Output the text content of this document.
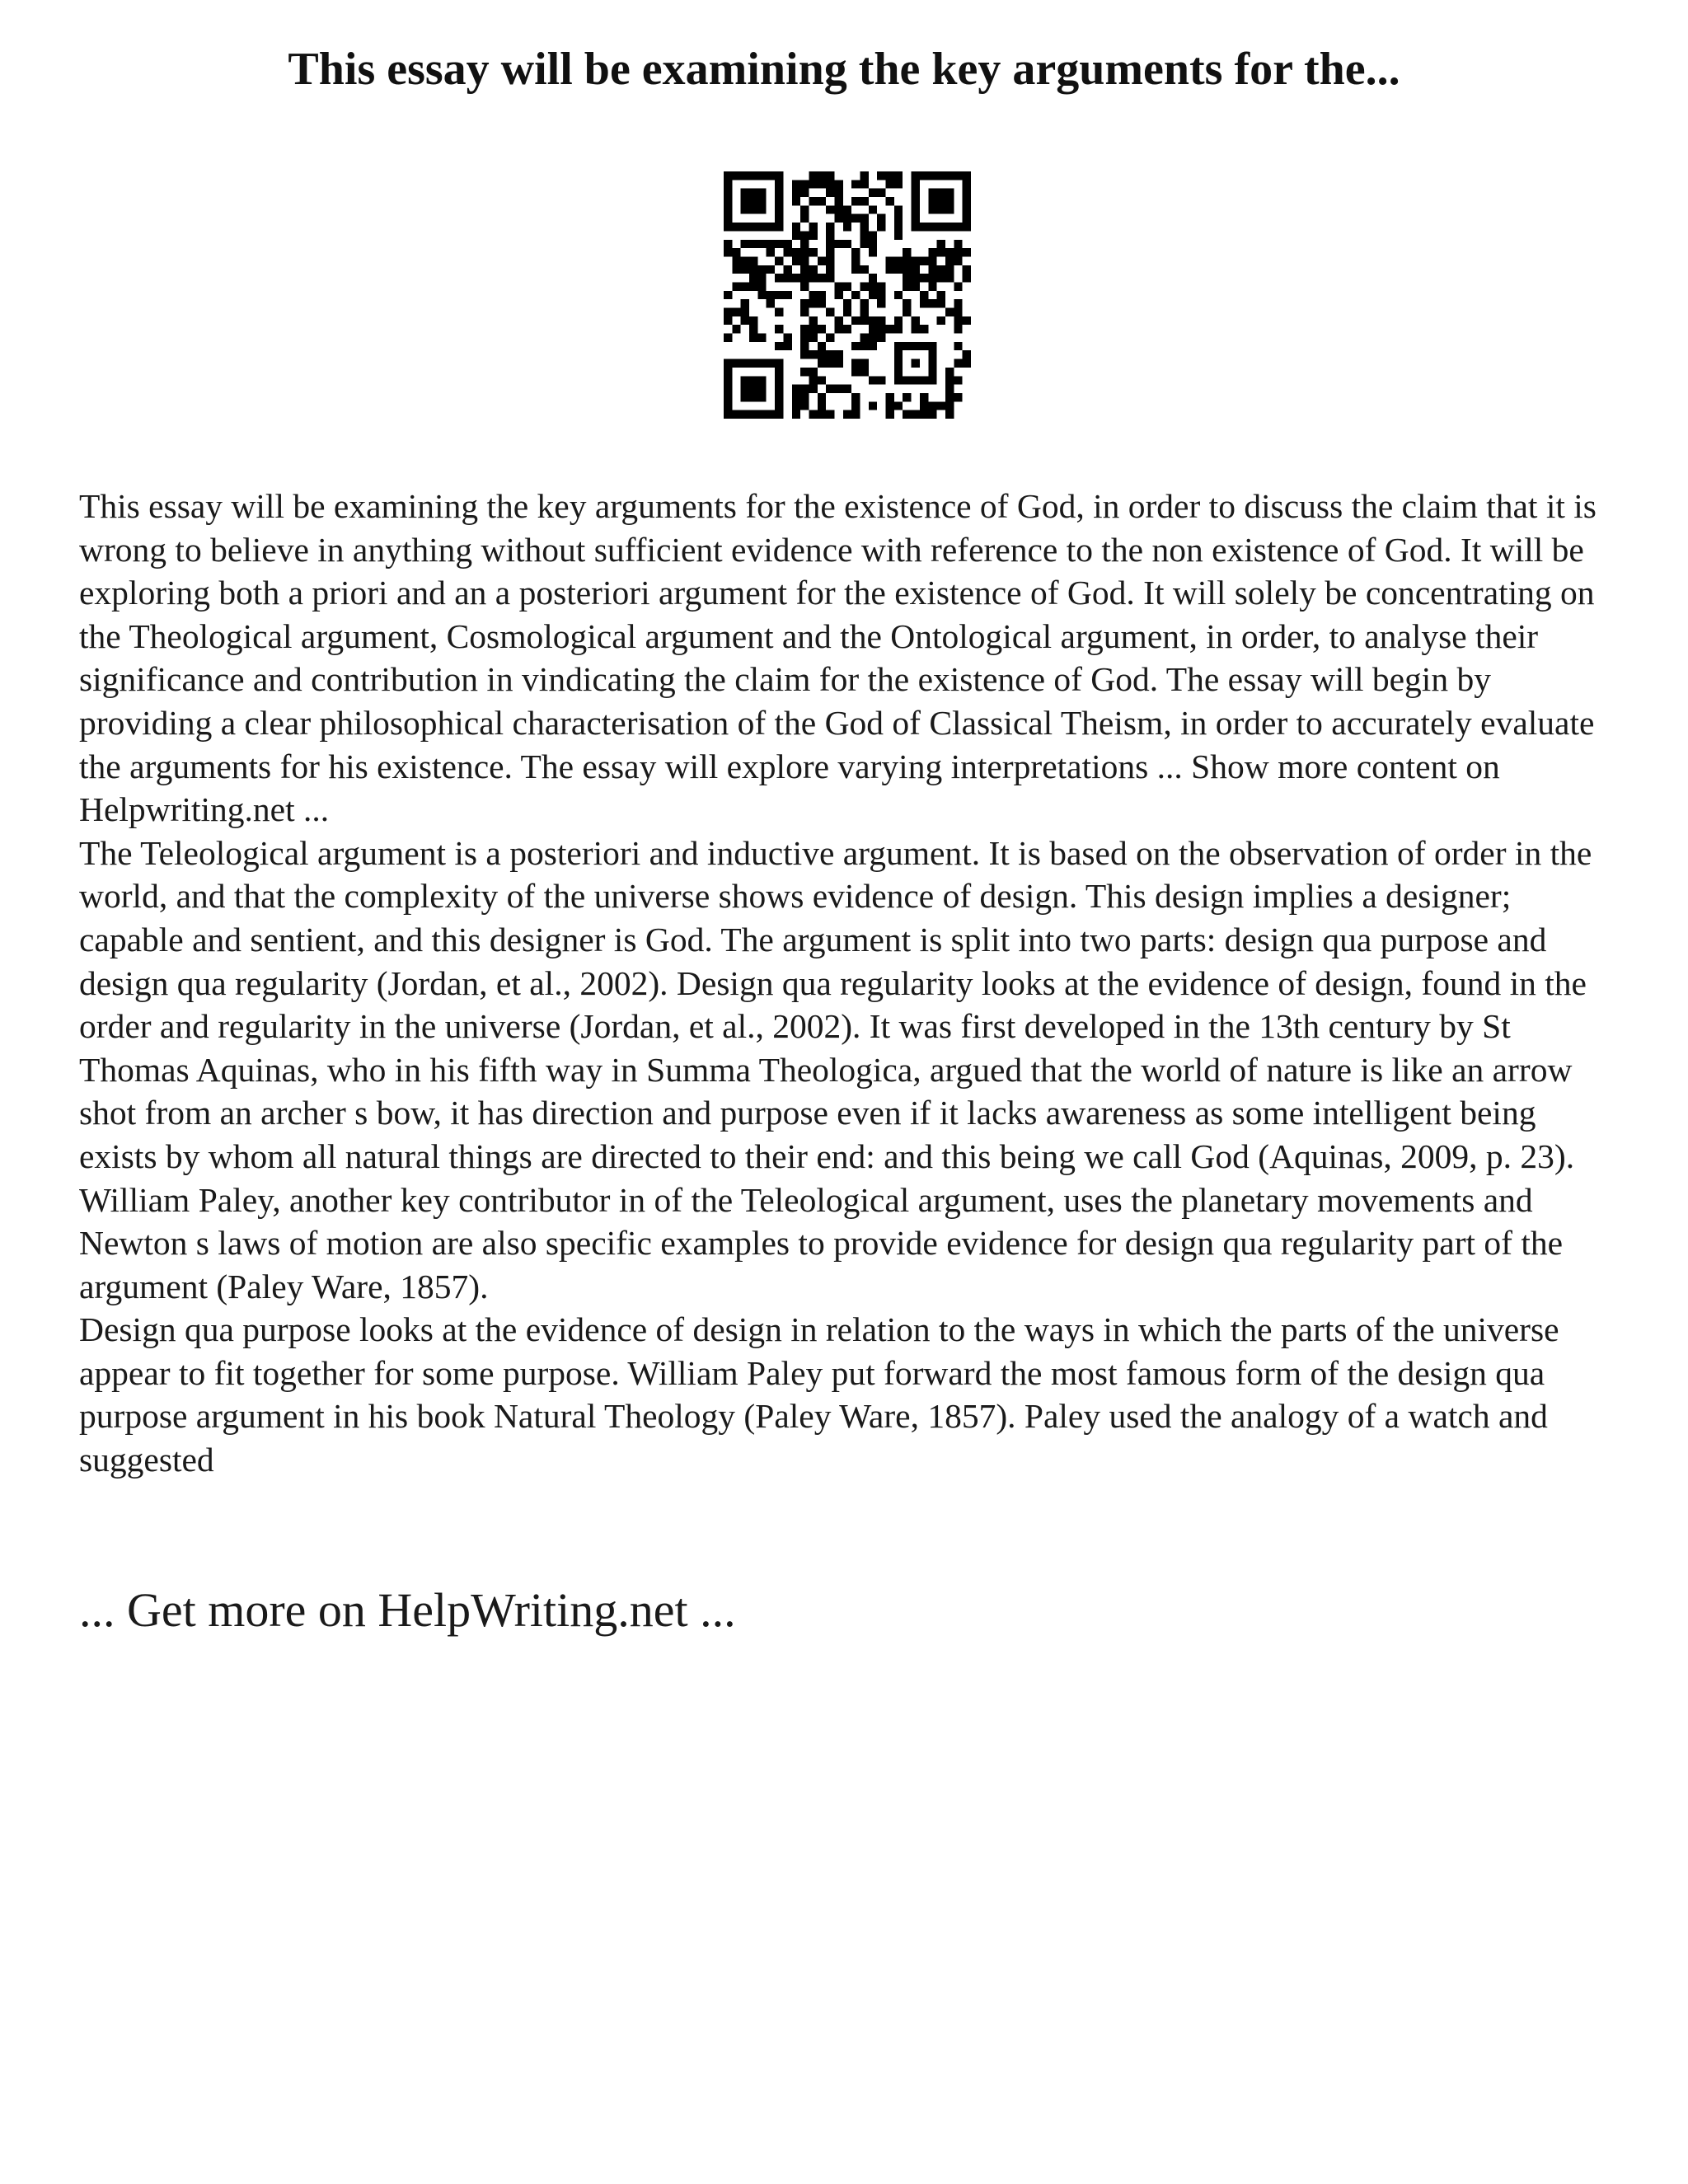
This essay will be examining the key arguments for the...

This essay will be examining the key arguments for the existence of God, in order to discuss the claim that it is wrong to believe in anything without sufficient evidence with reference to the non existence of God. It will be exploring both a priori and an a posteriori argument for the existence of God. It will solely be concentrating on the Theological argument, Cosmological argument and the Ontological argument, in order, to analyse their significance and contribution in vindicating the claim for the existence of God. The essay will begin by providing a clear philosophical characterisation of the God of Classical Theism, in order to accurately evaluate the arguments for his existence. The essay will explore varying interpretations ... Show more content on Helpwriting.net ...

The Teleological argument is a posteriori and inductive argument. It is based on the observation of order in the world, and that the complexity of the universe shows evidence of design. This design implies a designer; capable and sentient, and this designer is God. The argument is split into two parts: design qua purpose and design qua regularity (Jordan, et al., 2002). Design qua regularity looks at the evidence of design, found in the order and regularity in the universe (Jordan, et al., 2002). It was first developed in the 13th century by St Thomas Aquinas, who in his fifth way in Summa Theologica, argued that the world of nature is like an arrow shot from an archer s bow, it has direction and purpose even if it lacks awareness as some intelligent being exists by whom all natural things are directed to their end: and this being we call God (Aquinas, 2009, p. 23). William Paley, another key contributor in of the Teleological argument, uses the planetary movements and Newton s laws of motion are also specific examples to provide evidence for design qua regularity part of the argument (Paley Ware, 1857).

Design qua purpose looks at the evidence of design in relation to the ways in which the parts of the universe appear to fit together for some purpose. William Paley put forward the most famous form of the design qua purpose argument in his book Natural Theology (Paley Ware, 1857). Paley used the analogy of a watch and suggested

... Get more on HelpWriting.net ...
